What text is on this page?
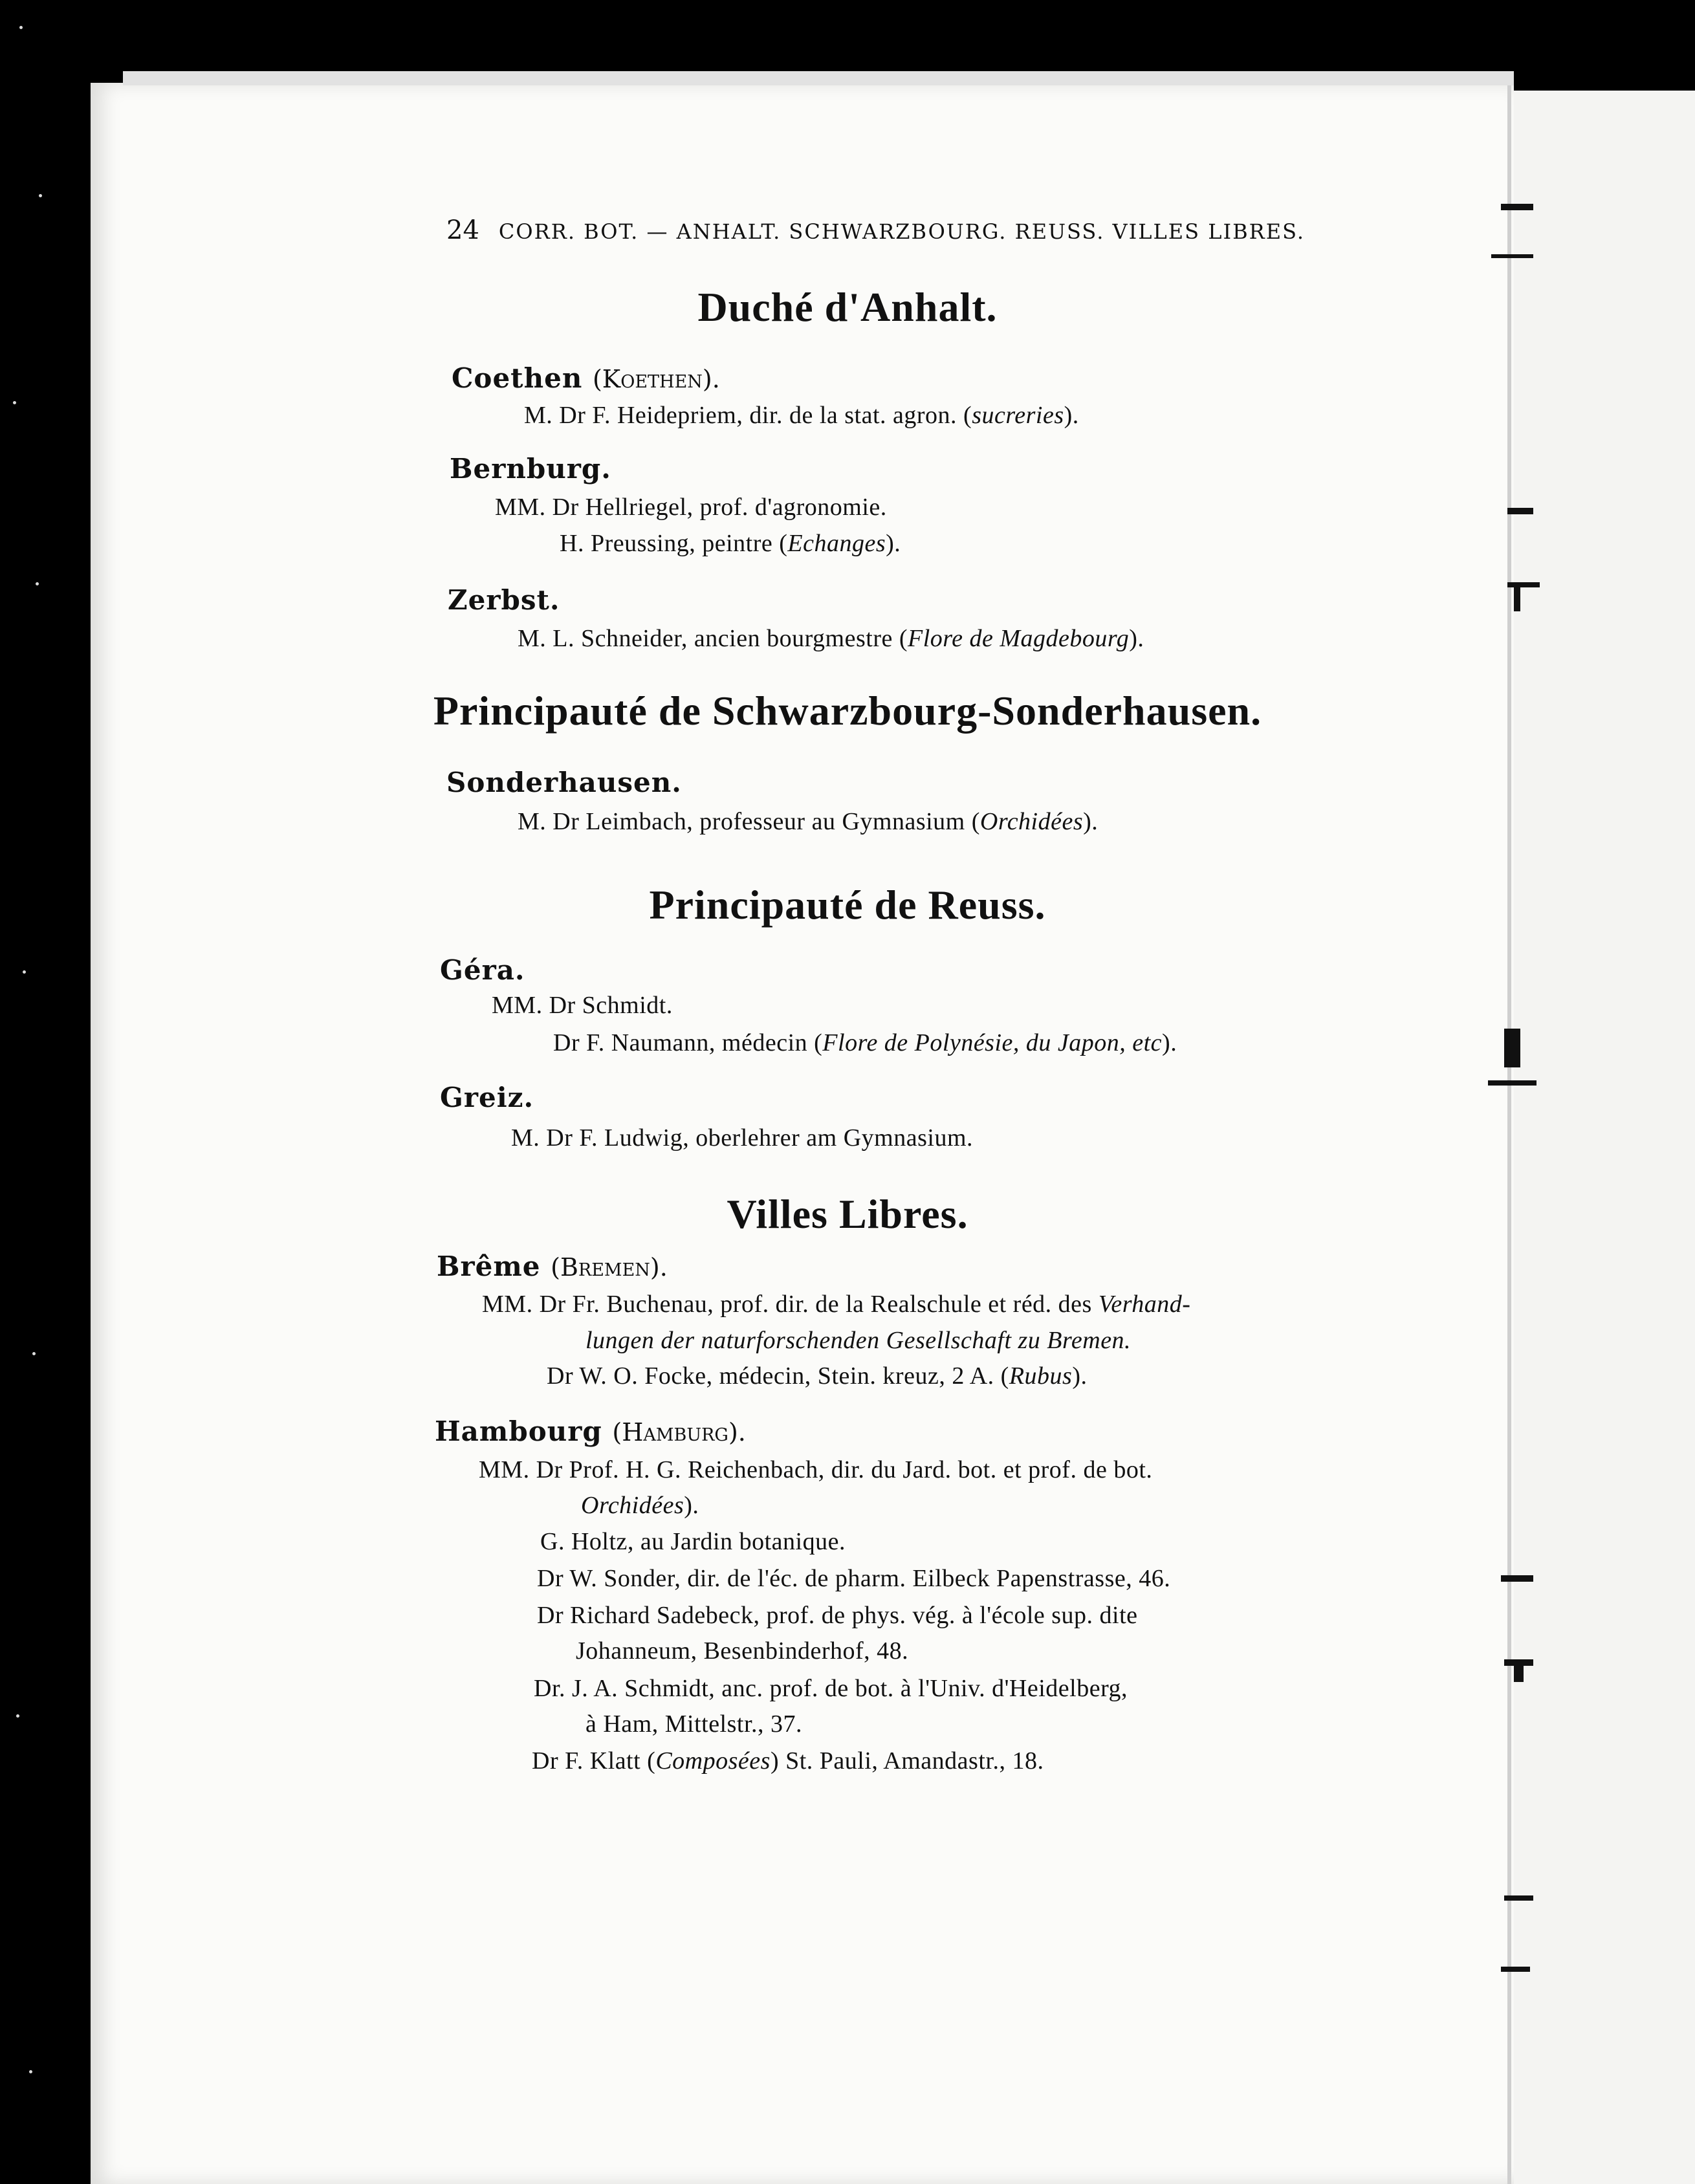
24 CORR. BOT. — ANHALT. SCHWARZBOURG. REUSS. VILLES LIBRES.
Duché d'Anhalt.
Coethen (Koethen).
M. Dr F. Heidepriem, dir. de la stat. agron. (sucreries).
Bernburg.
MM. Dr Hellriegel, prof. d'agronomie.
H. Preussing, peintre (Echanges).
Zerbst.
M. L. Schneider, ancien bourgmestre (Flore de Magdebourg).
Principauté de Schwarzbourg-Sonderhausen.
Sonderhausen.
M. Dr Leimbach, professeur au Gymnasium (Orchidées).
Principauté de Reuss.
Géra.
MM. Dr Schmidt.
Dr F. Naumann, médecin (Flore de Polynésie, du Japon, etc).
Greiz.
M. Dr F. Ludwig, oberlehrer am Gymnasium.
Villes Libres.
Brême (Bremen).
MM. Dr Fr. Buchenau, prof. dir. de la Realschule et réd. des Verhand-
lungen der naturforschenden Gesellschaft zu Bremen.
Dr W. O. Focke, médecin, Stein. kreuz, 2 A. (Rubus).
Hambourg (Hamburg).
MM. Dr Prof. H. G. Reichenbach, dir. du Jard. bot. et prof. de bot.
Orchidées).
G. Holtz, au Jardin botanique.
Dr W. Sonder, dir. de l'éc. de pharm. Eilbeck Papenstrasse, 46.
Dr Richard Sadebeck, prof. de phys. vég. à l'école sup. dite
Johanneum, Besenbinderhof, 48.
Dr. J. A. Schmidt, anc. prof. de bot. à l'Univ. d'Heidelberg,
à Ham, Mittelstr., 37.
Dr F. Klatt (Composées) St. Pauli, Amandastr., 18.
